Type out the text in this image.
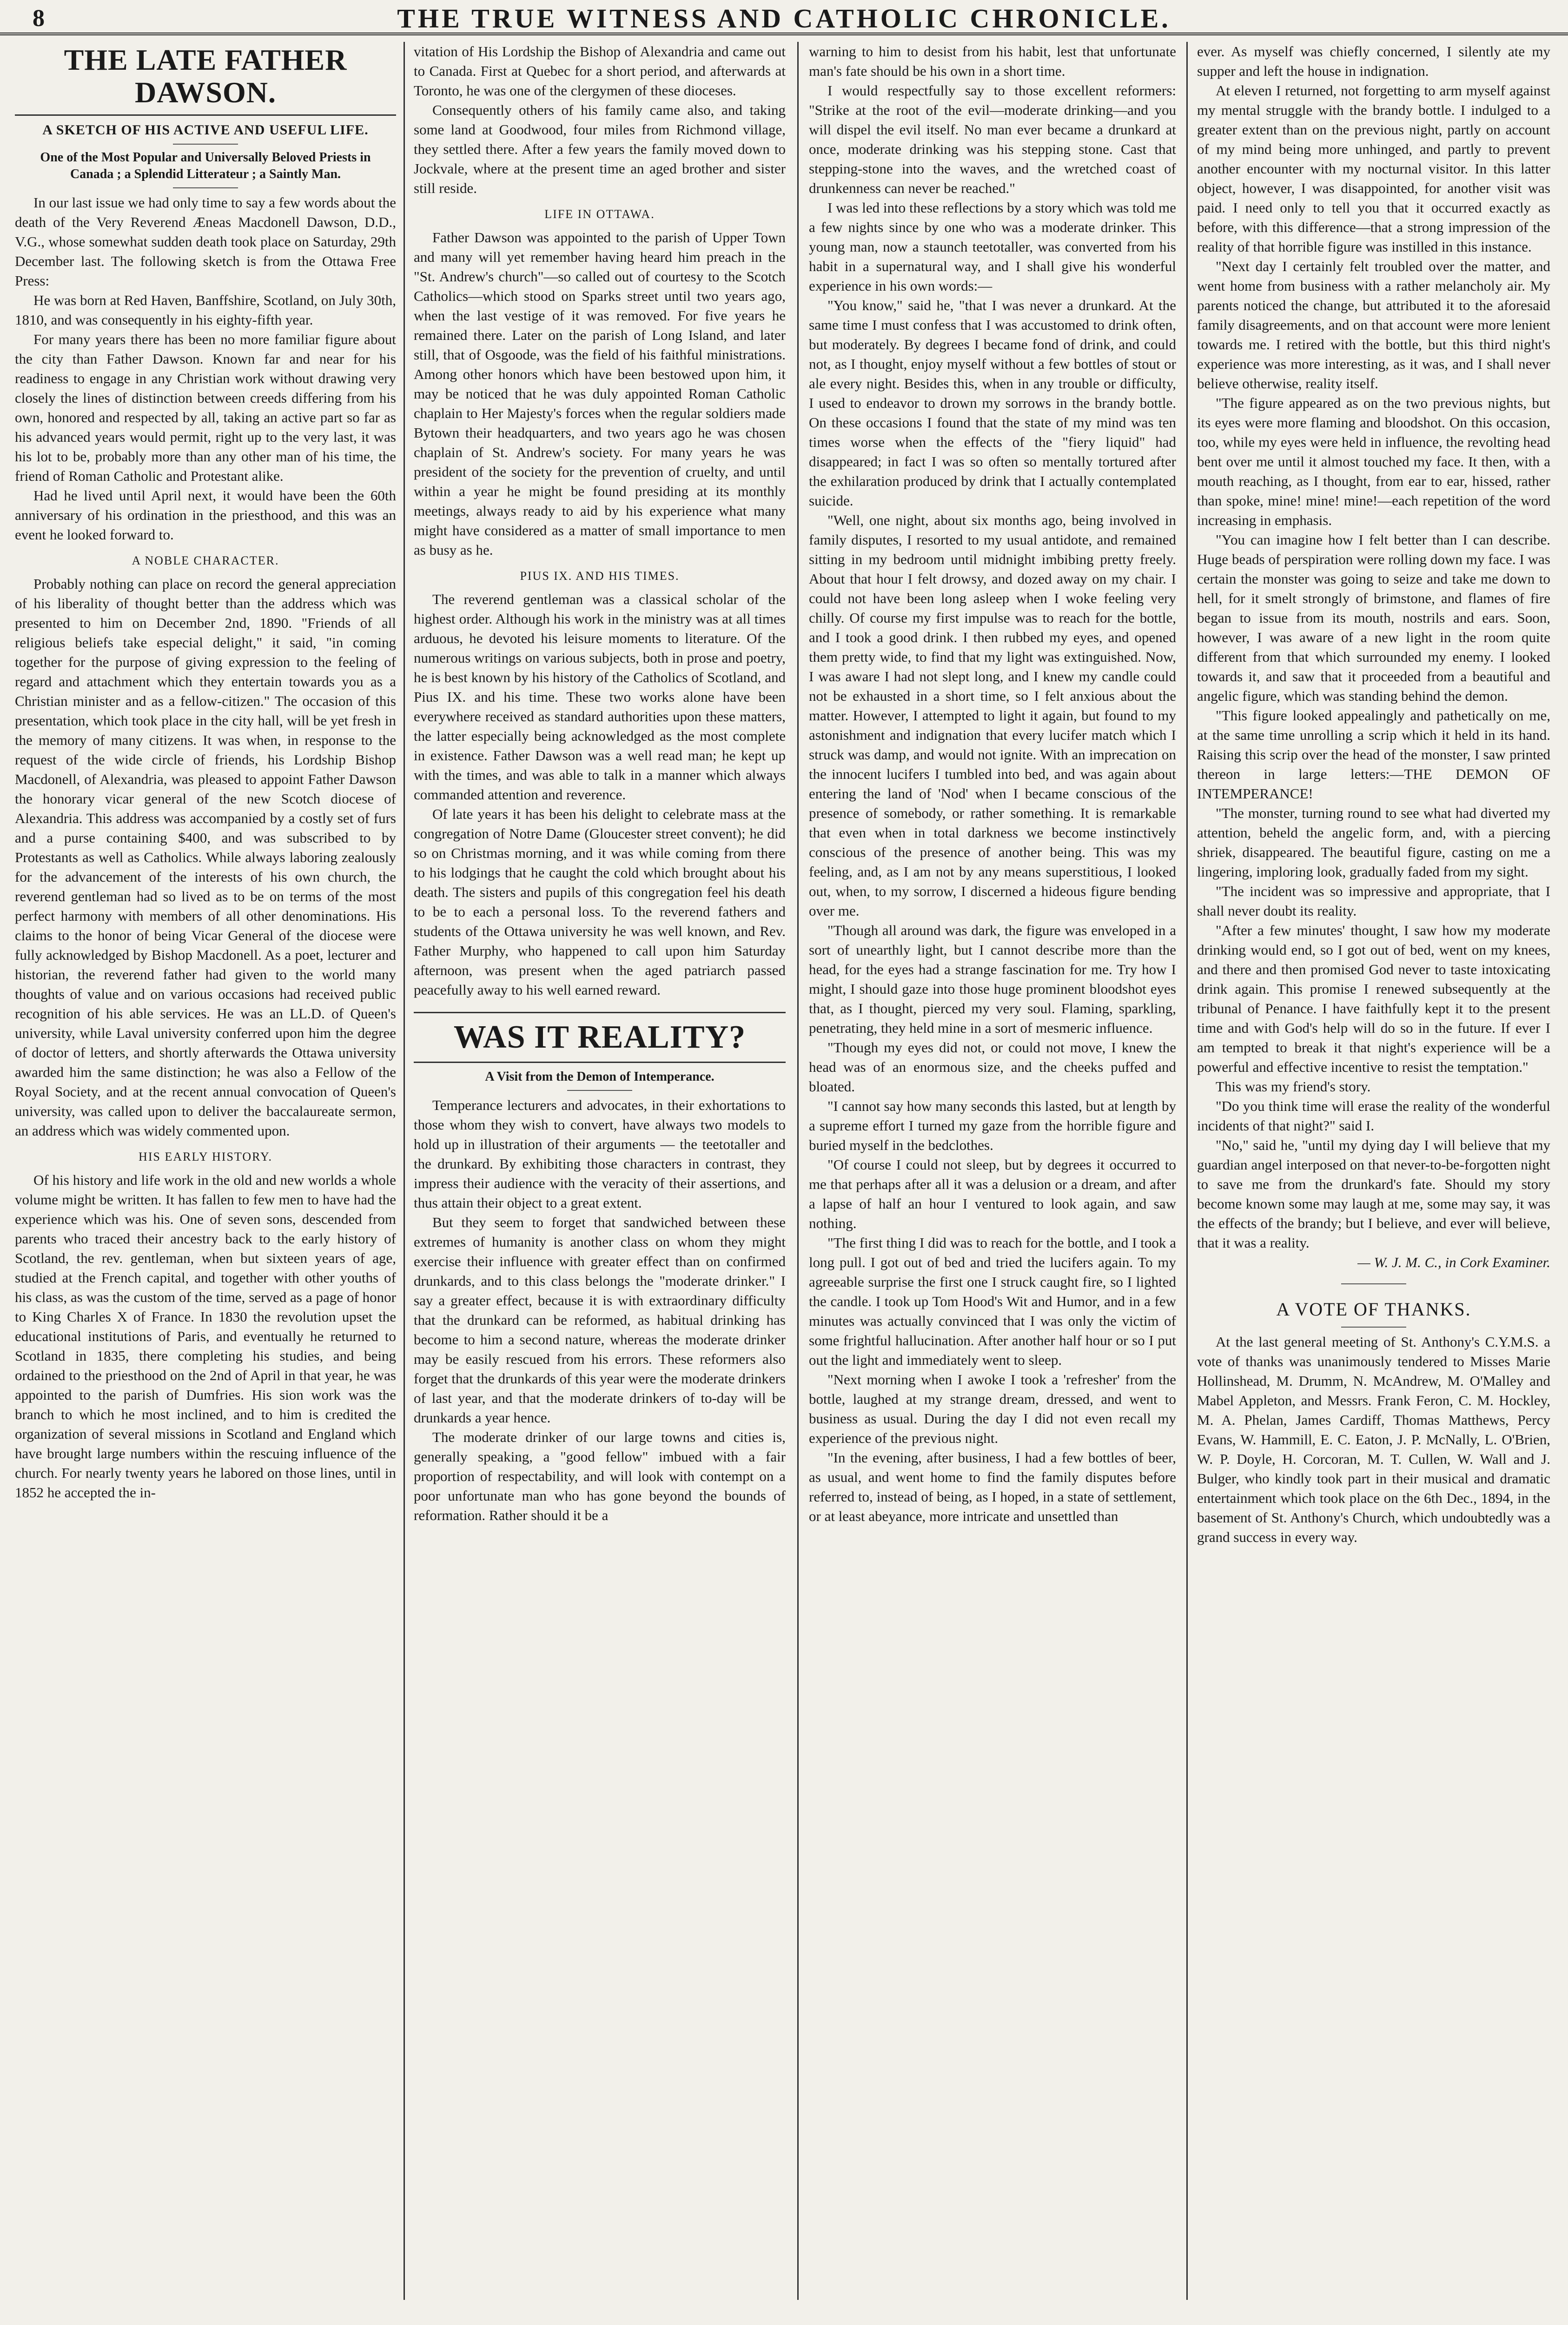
8	THE TRUE WITNESS AND CATHOLIC CHRONICLE.
THE LATE FATHER DAWSON.
A SKETCH OF HIS ACTIVE AND USEFUL LIFE.
One of the Most Popular and Universally Beloved Priests in Canada ; a Splendid Litterateur ; a Saintly Man.

In our last issue we had only time to say a few words about the death of the Very Reverend Æneas Macdonell Dawson, D.D., V.G., whose somewhat sudden death took place on Saturday, 29th December last. The following sketch is from the Ottawa Free Press:

He was born at Red Haven, Banffshire, Scotland, on July 30th, 1810, and was consequently in his eighty-fifth year.

For many years there has been no more familiar figure about the city than Father Dawson. Known far and near for his readiness to engage in any Christian work without drawing very closely the lines of distinction between creeds differing from his own, honored and respected by all, taking an active part so far as his advanced years would permit, right up to the very last, it was his lot to be, probably more than any other man of his time, the friend of Roman Catholic and Protestant alike.

Had he lived until April next, it would have been the 60th anniversary of his ordination in the priesthood, and this was an event he looked forward to.

A NOBLE CHARACTER.

Probably nothing can place on record the general appreciation of his liberality of thought better than the address which was presented to him on December 2nd, 1890. "Friends of all religious beliefs take especial delight," it said, "in coming together for the purpose of giving expression to the feeling of regard and attachment which they entertain towards you as a Christian minister and as a fellow-citizen." The occasion of this presentation, which took place in the city hall, will be yet fresh in the memory of many citizens. It was when, in response to the request of the wide circle of friends, his Lordship Bishop Macdonell, of Alexandria, was pleased to appoint Father Dawson the honorary vicar general of the new Scotch diocese of Alexandria. This address was accompanied by a costly set of furs and a purse containing $400, and was subscribed to by Protestants as well as Catholics. While always laboring zealously for the advancement of the interests of his own church, the reverend gentleman had so lived as to be on terms of the most perfect harmony with members of all other denominations. His claims to the honor of being Vicar General of the diocese were fully acknowledged by Bishop Macdonell. As a poet, lecturer and historian, the reverend father had given to the world many thoughts of value and on various occasions had received public recognition of his able services. He was an LL.D. of Queen's university, while Laval university conferred upon him the degree of doctor of letters, and shortly afterwards the Ottawa university awarded him the same distinction; he was also a Fellow of the Royal Society, and at the recent annual convocation of Queen's university, was called upon to deliver the baccalaureate sermon, an address which was widely commented upon.

HIS EARLY HISTORY.

Of his history and life work in the old and new worlds a whole volume might be written. It has fallen to few men to have had the experience which was his. One of seven sons, descended from parents who traced their ancestry back to the early history of Scotland, the rev. gentleman, when but sixteen years of age, studied at the French capital, and together with other youths of his class, as was the custom of the time, served as a page of honor to King Charles X of France. In 1830 the revolution upset the educational institutions of Paris, and eventually he returned to Scotland in 1835, there completing his studies, and being ordained to the priesthood on the 2nd of April in that year, he was appointed to the parish of Dumfries. His sion work was the branch to which he most inclined, and to him is credited the organization of several missions in Scotland and England which have brought large numbers within the rescuing influence of the church. For nearly twenty years he labored on those lines, until in 1852 he accepted the in-

vitation of His Lordship the Bishop of Alexandria and came out to Canada. First at Quebec for a short period, and afterwards at Toronto, he was one of the clergymen of these dioceses.

Consequently others of his family came also, and taking some land at Goodwood, four miles from Richmond village, they settled there. After a few years the family moved down to Jockvale, where at the present time an aged brother and sister still reside.

LIFE IN OTTAWA.

Father Dawson was appointed to the parish of Upper Town and many will yet remember having heard him preach in the "St. Andrew's church"—so called out of courtesy to the Scotch Catholics—which stood on Sparks street until two years ago, when the last vestige of it was removed. For five years he remained there. Later on the parish of Long Island, and later still, that of Osgoode, was the field of his faithful ministrations. Among other honors which have been bestowed upon him, it may be noticed that he was duly appointed Roman Catholic chaplain to Her Majesty's forces when the regular soldiers made Bytown their headquarters, and two years ago he was chosen chaplain of St. Andrew's society. For many years he was president of the society for the prevention of cruelty, and until within a year he might be found presiding at its monthly meetings, always ready to aid by his experience what many might have considered as a matter of small importance to men as busy as he.

PIUS IX. AND HIS TIMES.

The reverend gentleman was a classical scholar of the highest order. Although his work in the ministry was at all times arduous, he devoted his leisure moments to literature. Of the numerous writings on various subjects, both in prose and poetry, he is best known by his history of the Catholics of Scotland, and Pius IX. and his time. These two works alone have been everywhere received as standard authorities upon these matters, the latter especially being acknowledged as the most complete in existence. Father Dawson was a well read man; he kept up with the times, and was able to talk in a manner which always commanded attention and reverence.

Of late years it has been his delight to celebrate mass at the congregation of Notre Dame (Gloucester street convent); he did so on Christmas morning, and it was while coming from there to his lodgings that he caught the cold which brought about his death. The sisters and pupils of this congregation feel his death to be to each a personal loss. To the reverend fathers and students of the Ottawa university he was well known, and Rev. Father Murphy, who happened to call upon him Saturday afternoon, was present when the aged patriarch passed peacefully away to his well earned reward.

WAS IT REALITY?
A Visit from the Demon of Intemperance.

Temperance lecturers and advocates, in their exhortations to those whom they wish to convert, have always two models to hold up in illustration of their arguments — the teetotaller and the drunkard. By exhibiting those characters in contrast, they impress their audience with the veracity of their assertions, and thus attain their object to a great extent.

But they seem to forget that sandwiched between these extremes of humanity is another class on whom they might exercise their influence with greater effect than on confirmed drunkards, and to this class belongs the "moderate drinker." I say a greater effect, because it is with extraordinary difficulty that the drunkard can be reformed, as habitual drinking has become to him a second nature, whereas the moderate drinker may be easily rescued from his errors. These reformers also forget that the drunkards of this year were the moderate drinkers of last year, and that the moderate drinkers of to-day will be drunkards a year hence.

The moderate drinker of our large towns and cities is, generally speaking, a "good fellow" imbued with a fair proportion of respectability, and will look with contempt on a poor unfortunate man who has gone beyond the bounds of reformation. Rather should it be a

warning to him to desist from his habit, lest that unfortunate man's fate should be his own in a short time.

I would respectfully say to those excellent reformers: "Strike at the root of the evil—moderate drinking—and you will dispel the evil itself. No man ever became a drunkard at once, moderate drinking was his stepping stone. Cast that stepping-stone into the waves, and the wretched coast of drunkenness can never be reached."

I was led into these reflections by a story which was told me a few nights since by one who was a moderate drinker. This young man, now a staunch teetotaller, was converted from his habit in a supernatural way, and I shall give his wonderful experience in his own words:—

"You know," said he, "that I was never a drunkard. At the same time I must confess that I was accustomed to drink often, but moderately. By degrees I became fond of drink, and could not, as I thought, enjoy myself without a few bottles of stout or ale every night. Besides this, when in any trouble or difficulty, I used to endeavor to drown my sorrows in the brandy bottle. On these occasions I found that the state of my mind was ten times worse when the effects of the "fiery liquid" had disappeared; in fact I was so often so mentally tortured after the exhilaration produced by drink that I actually contemplated suicide.

"Well, one night, about six months ago, being involved in family disputes, I resorted to my usual antidote, and remained sitting in my bedroom until midnight imbibing pretty freely. About that hour I felt drowsy, and dozed away on my chair. I could not have been long asleep when I woke feeling very chilly. Of course my first impulse was to reach for the bottle, and I took a good drink. I then rubbed my eyes, and opened them pretty wide, to find that my light was extinguished. Now, I was aware I had not slept long, and I knew my candle could not be exhausted in a short time, so I felt anxious about the matter. However, I attempted to light it again, but found to my astonishment and indignation that every lucifer match which I struck was damp, and would not ignite. With an imprecation on the innocent lucifers I tumbled into bed, and was again about entering the land of 'Nod' when I became conscious of the presence of somebody, or rather something. It is remarkable that even when in total darkness we become instinctively conscious of the presence of another being. This was my feeling, and, as I am not by any means superstitious, I looked out, when, to my sorrow, I discerned a hideous figure bending over me.

"Though all around was dark, the figure was enveloped in a sort of unearthly light, but I cannot describe more than the head, for the eyes had a strange fascination for me. Try how I might, I should gaze into those huge prominent bloodshot eyes that, as I thought, pierced my very soul. Flaming, sparkling, penetrating, they held mine in a sort of mesmeric influence.

"Though my eyes did not, or could not move, I knew the head was of an enormous size, and the cheeks puffed and bloated.

"I cannot say how many seconds this lasted, but at length by a supreme effort I turned my gaze from the horrible figure and buried myself in the bedclothes.

"Of course I could not sleep, but by degrees it occurred to me that perhaps after all it was a delusion or a dream, and after a lapse of half an hour I ventured to look again, and saw nothing.

"The first thing I did was to reach for the bottle, and I took a long pull. I got out of bed and tried the lucifers again. To my agreeable surprise the first one I struck caught fire, so I lighted the candle. I took up Tom Hood's Wit and Humor, and in a few minutes was actually convinced that I was only the victim of some frightful hallucination. After another half hour or so I put out the light and immediately went to sleep.

"Next morning when I awoke I took a 'refresher' from the bottle, laughed at my strange dream, dressed, and went to business as usual. During the day I did not even recall my experience of the previous night.

"In the evening, after business, I had a few bottles of beer, as usual, and went home to find the family disputes before referred to, instead of being, as I hoped, in a state of settlement, or at least abeyance, more intricate and unsettled than

ever. As myself was chiefly concerned, I silently ate my supper and left the house in indignation.

At eleven I returned, not forgetting to arm myself against my mental struggle with the brandy bottle. I indulged to a greater extent than on the previous night, partly on account of my mind being more unhinged, and partly to prevent another encounter with my nocturnal visitor. In this latter object, however, I was disappointed, for another visit was paid. I need only to tell you that it occurred exactly as before, with this difference—that a strong impression of the reality of that horrible figure was instilled in this instance.

"Next day I certainly felt troubled over the matter, and went home from business with a rather melancholy air. My parents noticed the change, but attributed it to the aforesaid family disagreements, and on that account were more lenient towards me. I retired with the bottle, but this third night's experience was more interesting, as it was, and I shall never believe otherwise, reality itself.

"The figure appeared as on the two previous nights, but its eyes were more flaming and bloodshot. On this occasion, too, while my eyes were held in influence, the revolting head bent over me until it almost touched my face. It then, with a mouth reaching, as I thought, from ear to ear, hissed, rather than spoke, mine! mine! mine!—each repetition of the word increasing in emphasis.

"You can imagine how I felt better than I can describe. Huge beads of perspiration were rolling down my face. I was certain the monster was going to seize and take me down to hell, for it smelt strongly of brimstone, and flames of fire began to issue from its mouth, nostrils and ears. Soon, however, I was aware of a new light in the room quite different from that which surrounded my enemy. I looked towards it, and saw that it proceeded from a beautiful and angelic figure, which was standing behind the demon.

"This figure looked appealingly and pathetically on me, at the same time unrolling a scrip which it held in its hand. Raising this scrip over the head of the monster, I saw printed thereon in large letters:—THE DEMON OF INTEMPERANCE!

"The monster, turning round to see what had diverted my attention, beheld the angelic form, and, with a piercing shriek, disappeared. The beautiful figure, casting on me a lingering, imploring look, gradually faded from my sight.

"The incident was so impressive and appropriate, that I shall never doubt its reality.

"After a few minutes' thought, I saw how my moderate drinking would end, so I got out of bed, went on my knees, and there and then promised God never to taste intoxicating drink again. This promise I renewed subsequently at the tribunal of Penance. I have faithfully kept it to the present time and with God's help will do so in the future. If ever I am tempted to break it that night's experience will be a powerful and effective incentive to resist the temptation."

This was my friend's story.

"Do you think time will erase the reality of the wonderful incidents of that night?" said I.

"No," said he, "until my dying day I will believe that my guardian angel interposed on that never-to-be-forgotten night to save me from the drunkard's fate. Should my story become known some may laugh at me, some may say, it was the effects of the brandy; but I believe, and ever will believe, that it was a reality.

— W. J. M. C., in Cork Examiner.

A VOTE OF THANKS.

At the last general meeting of St. Anthony's C.Y.M.S. a vote of thanks was unanimously tendered to Misses Marie Hollinshead, M. Drumm, N. McAndrew, M. O'Malley and Mabel Appleton, and Messrs. Frank Feron, C. M. Hockley, M. A. Phelan, James Cardiff, Thomas Matthews, Percy Evans, W. Hammill, E. C. Eaton, J. P. McNally, L. O'Brien, W. P. Doyle, H. Corcoran, M. T. Cullen, W. Wall and J. Bulger, who kindly took part in their musical and dramatic entertainment which took place on the 6th Dec., 1894, in the basement of St. Anthony's Church, which undoubtedly was a grand success in every way.
